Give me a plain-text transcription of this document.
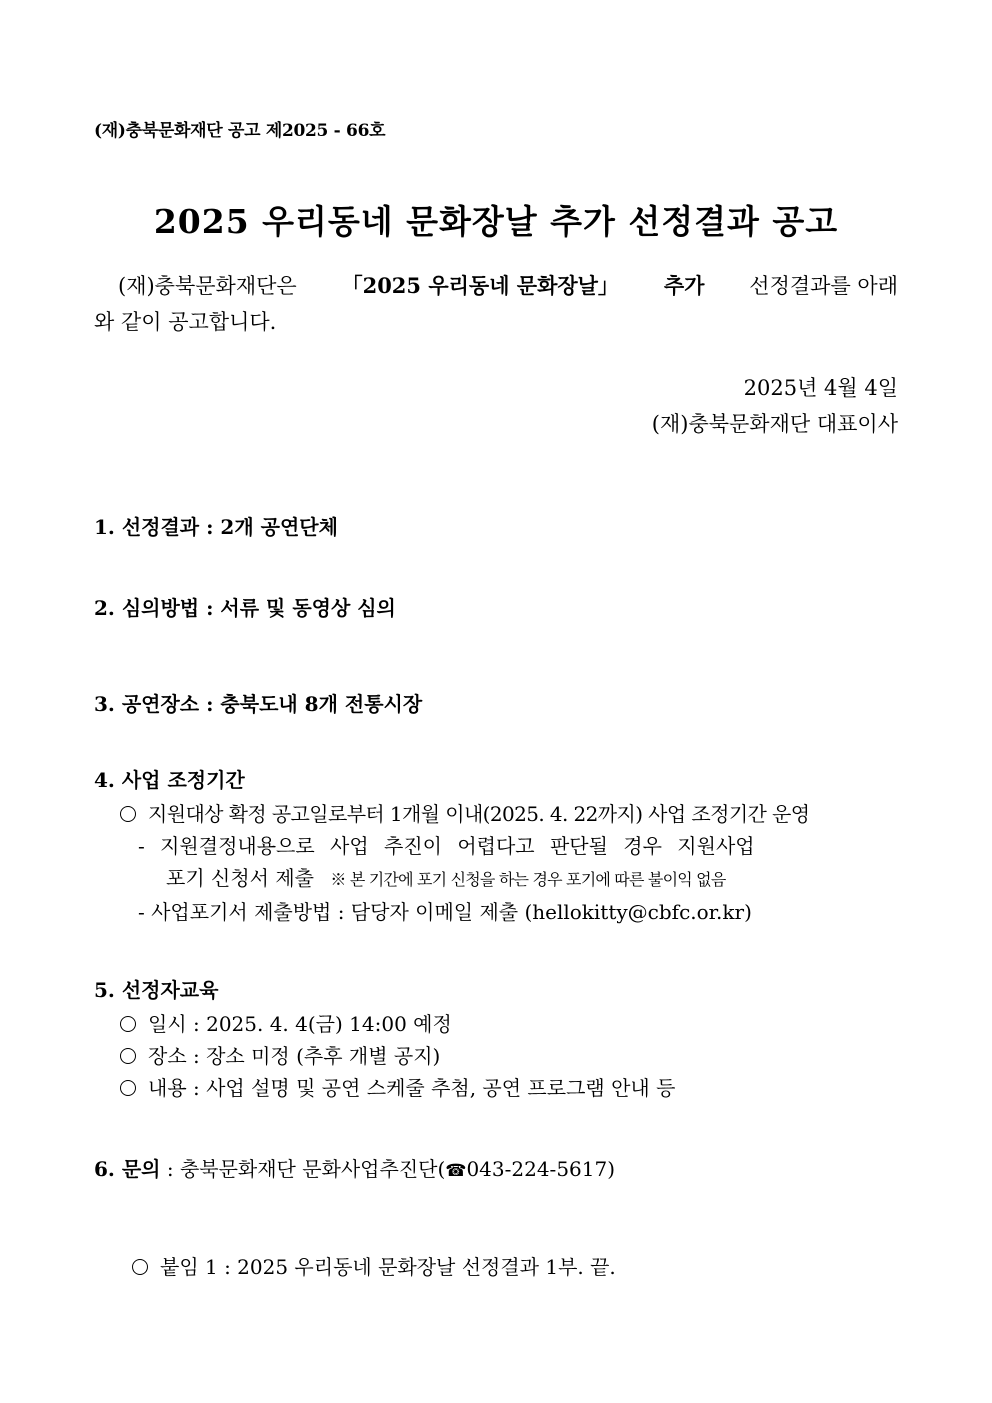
(재)충북문화재단 공고 제2025 - 66호
2025 우리동네 문화장날 추가 선정결과 공고
(재)충북문화재단은 「2025 우리동네 문화장날」 추가 선정결과를 아래
와 같이 공고합니다.
2025년 4월 4일
(재)충북문화재단 대표이사
1. 선정결과 : 2개 공연단체
2. 심의방법 : 서류 및 동영상 심의
3. 공연장소 : 충북도내 8개 전통시장
4. 사업 조정기간
지원대상 확정 공고일로부터 1개월 이내(2025. 4. 22까지) 사업 조정기간 운영
- 지원결정내용으로 사업 추진이 어렵다고 판단될 경우 지원사업
포기 신청서 제출 ※ 본 기간에 포기 신청을 하는 경우 포기에 따른 불이익 없음
- 사업포기서 제출방법 : 담당자 이메일 제출 (hellokitty@cbfc.or.kr)
5. 선정자교육
일시 : 2025. 4. 4(금) 14:00 예정
장소 : 장소 미정 (추후 개별 공지)
내용 : 사업 설명 및 공연 스케줄 추첨, 공연 프로그램 안내 등
6. 문의 : 충북문화재단 문화사업추진단(☎043-224-5617)
붙임 1 : 2025 우리동네 문화장날 선정결과 1부. 끝.
